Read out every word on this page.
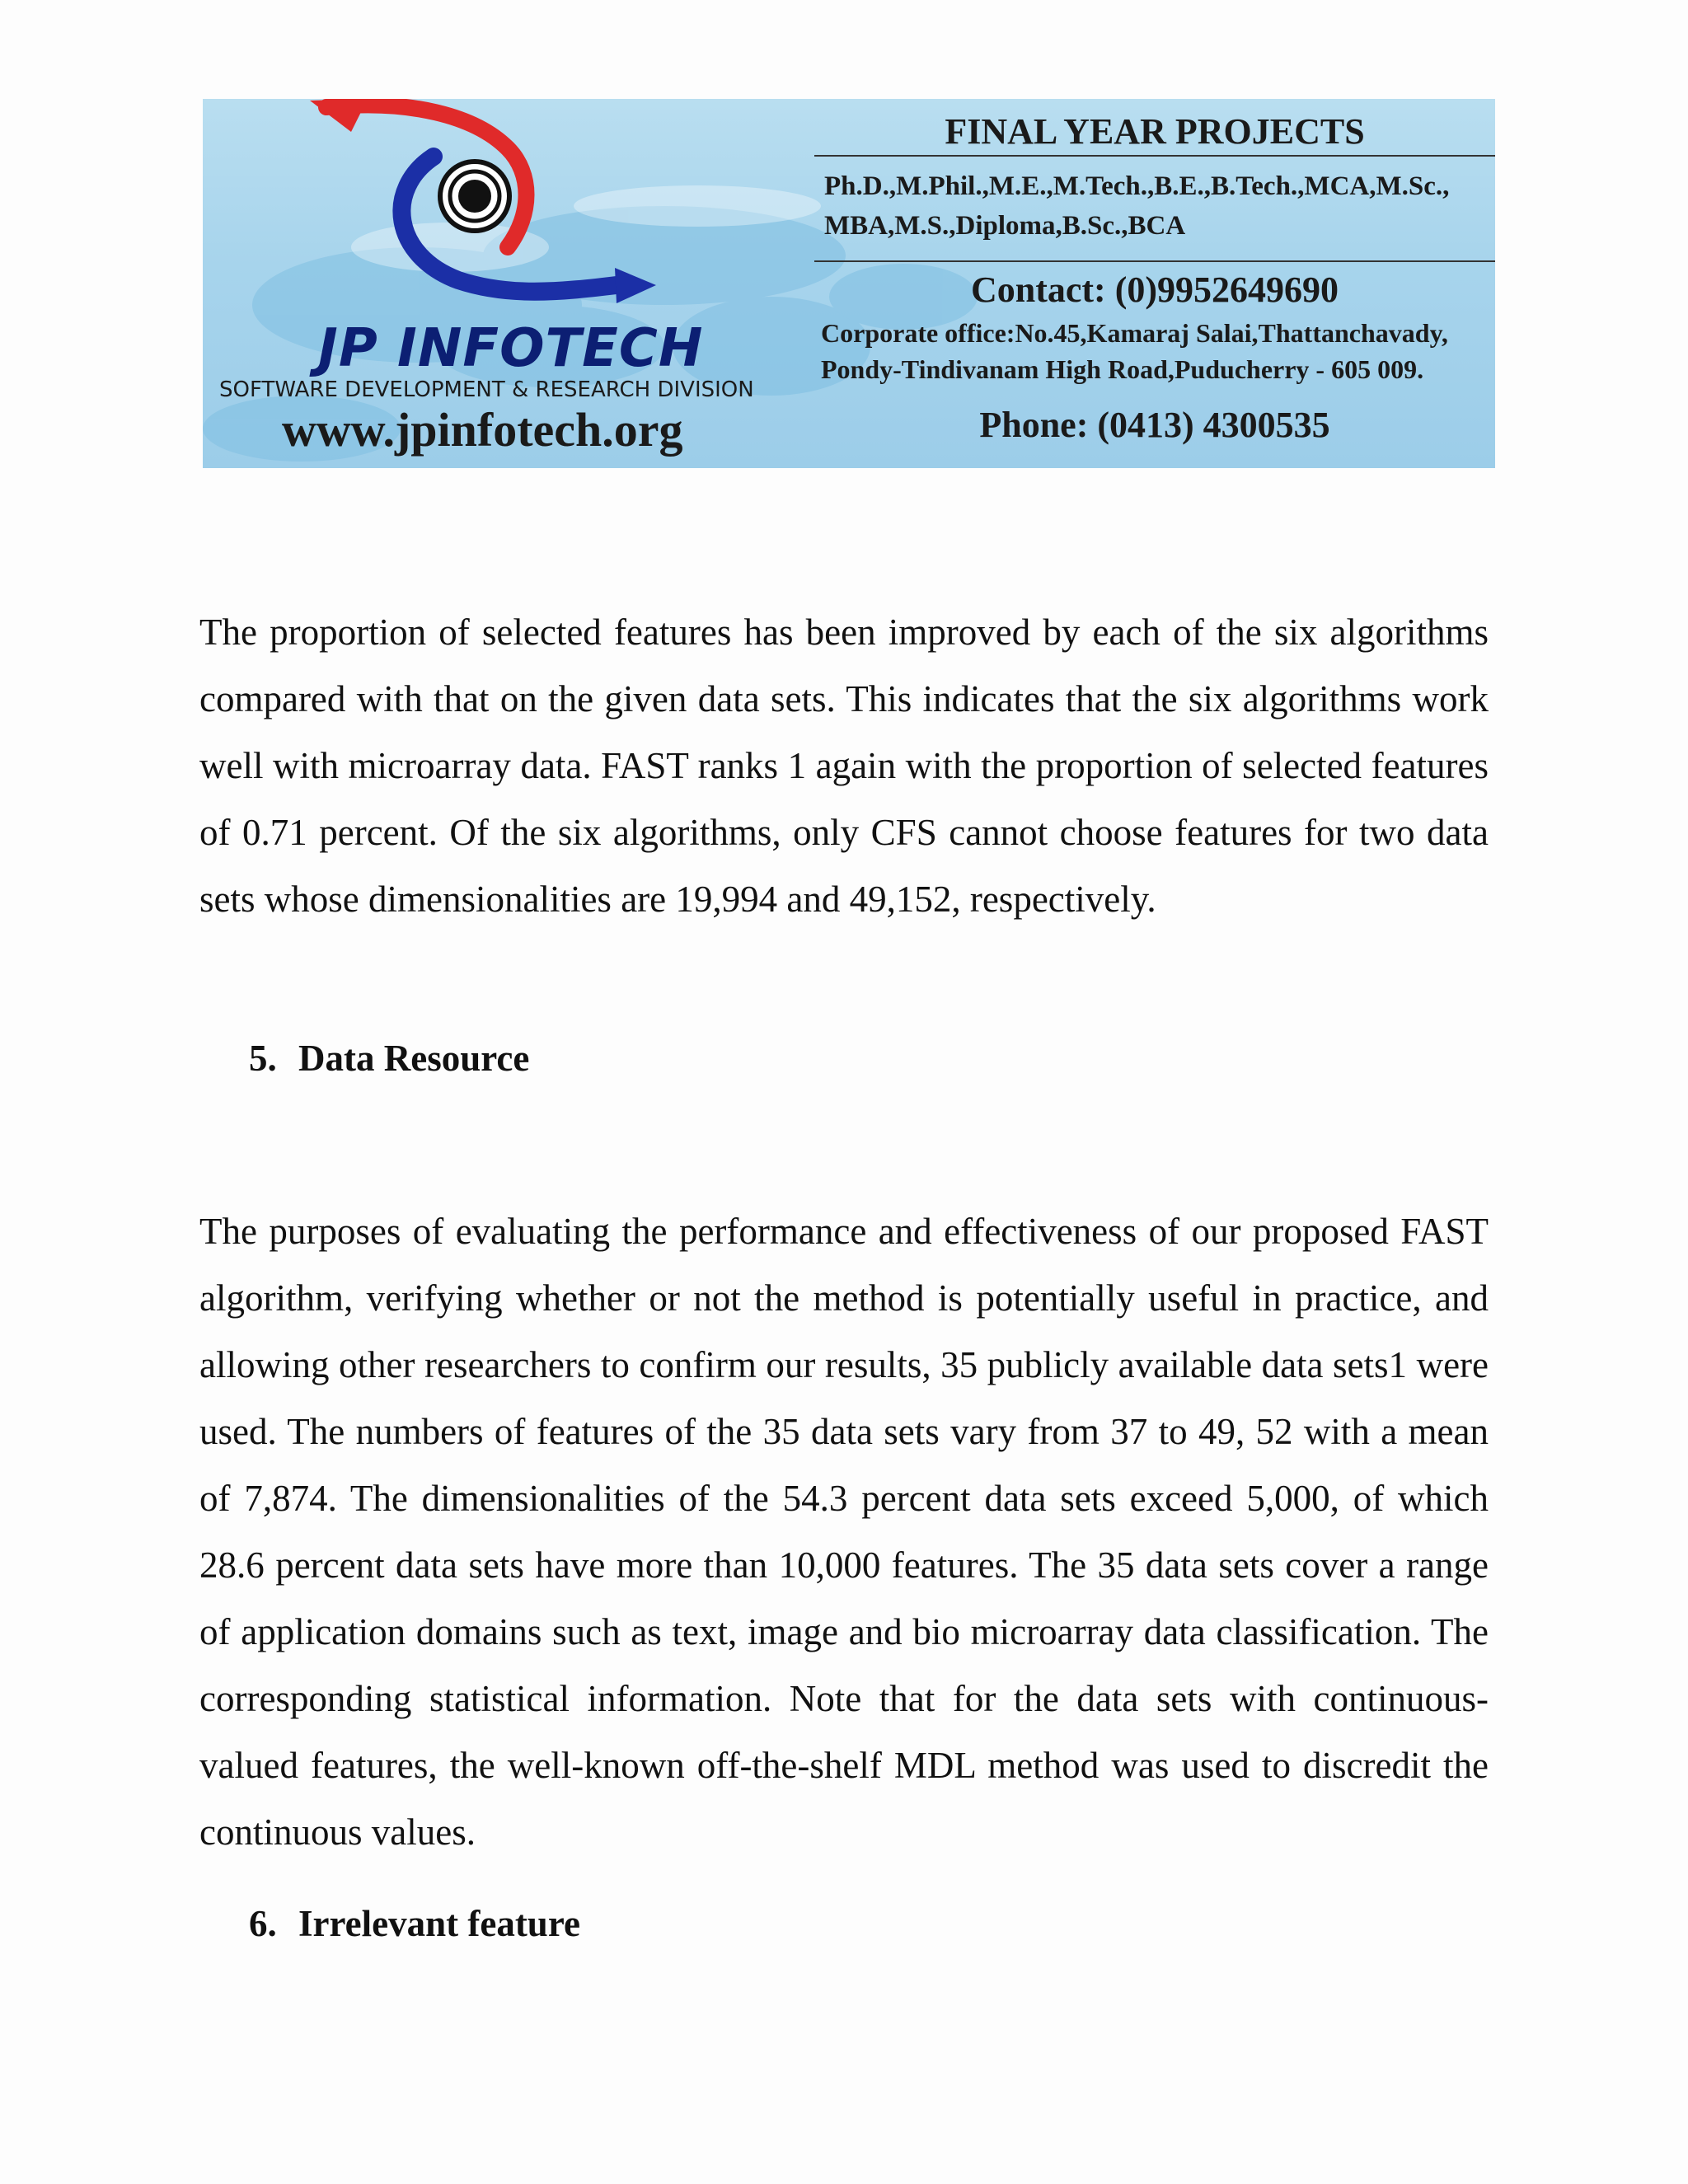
JP INFOTECH
SOFTWARE DEVELOPMENT & RESEARCH DIVISION
www.jpinfotech.org
FINAL YEAR PROJECTS
Ph.D.,M.Phil.,M.E.,M.Tech.,B.E.,B.Tech.,MCA,M.Sc.,
MBA,M.S.,Diploma,B.Sc.,BCA
Contact: (0)9952649690
Corporate office:No.45,Kamaraj Salai,Thattanchavady,
Pondy-Tindivanam High Road,Puducherry - 605 009.
Phone: (0413) 4300535

The proportion of selected features has been improved by each of the six algorithms compared with that on the given data sets. This indicates that the six algorithms work well with microarray data. FAST ranks 1 again with the proportion of selected features of 0.71 percent. Of the six algorithms, only CFS cannot choose features for two data sets whose dimensionalities are 19,994 and 49,152, respectively.

5. Data Resource

The purposes of evaluating the performance and effectiveness of our proposed FAST algorithm, verifying whether or not the method is potentially useful in practice, and allowing other researchers to confirm our results, 35 publicly available data sets1 were used. The numbers of features of the 35 data sets vary from 37 to 49, 52 with a mean of 7,874. The dimensionalities of the 54.3 percent data sets exceed 5,000, of which 28.6 percent data sets have more than 10,000 features. The 35 data sets cover a range of application domains such as text, image and bio microarray data classification. The corresponding statistical information. Note that for the data sets with continuous-valued features, the well-known off-the-shelf MDL method was used to discredit the continuous values.

6. Irrelevant feature
